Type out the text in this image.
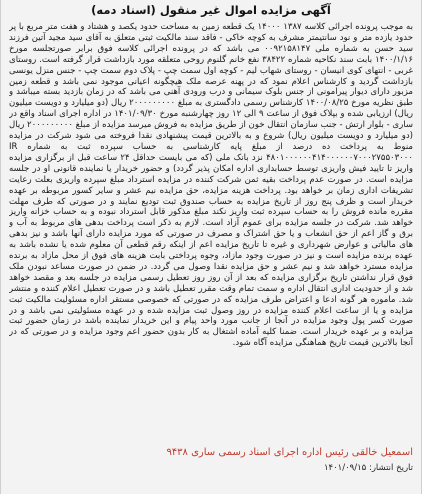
آگهی مزایده اموال غیر منقول (اسناد دمه)
به موجب پرونده اجرائی کلاسه ۱۳۸۷ ۱۴۰۰۰ یک قطعه زمین به مساحت حدود یکصد و هشتاد و هفت متر مربع با پر حدود یازده متر و نود سانتیمتر مشرف به کوچه خاکی - فاقد سند مالکیت ثبتی متعلق به آقای سید مجید آتین فرزند سید حسن به شماره ملی ۰۰۹۲۱۵۸۱۴۷ می باشد که در پرونده اجرائی کلاسه فوق برابر صورتجلسه مورخ ۱۴۰۰/۱/۱۶ بابت سند نکاحیه شماره ۳۸۴۲۲ نفع خانم گلنوم روحی متعلقه مورد بازداشت قرار گرفته است. روستای غربی - انتهای کوی انیسان - روستای شهاب لیم - کوچه اول سمت چپ - پلاک دوم سمت چپ - جنس منزل یونسی بازداشت گردید و کارشناس اعلام نمود که در پهنه عرصه ملک هیچگونه اعیانی موجود نمی باشد و قطعه زمین مزبور دارای دیوار پیرامونی از جنس بلوک سیمانی و درب ورودی آهنی می باشد که در زمان بازدید بسته میباشد و طبق نظریه مورخ ۱۴۰۰/۰۸/۲۵ کارشناس رسمی دادگستری به مبلغ ۲۰۰۰۰۰۰۰۰۰ ریال (دو میلیارد و دویست میلیون ریال) ارزیابی شده و بپلاک فوق از ساعت ۹ الی ۱۲ روز چهارشنبه مورخ ۱۴۰۱/۰۹/۳۰ در اداره اجرای اسناد واقع در ساری - بلوار ارتش - جنب سازمان انتقال خون از طریق مزایده به فروش میرسد مزایده از مبلغ ۲۰۰۰۰۰۰۰۰۰ ریال (دو میلیارد و دویست میلیون ریال) شروع و به بالاترین قیمت پیشنهادی نقدا فروخته می شود شرکت در مزایده منوط به پرداخت ده درصد از مبلغ پایه کارشناسی به حساب سپرده ثبت به شماره IR ۴۸۰۱۰۰۰۰۰۰۴۱۴۰۰۰۰۰۰۷۰۰۰۲۷۵۵۰۳۰۰۰ نزد بانک ملی (که می بایست حداقل ۲۴ ساعت قبل از برگزاری مزایده واریز تا تایید فیش واریزی توسط حسابداری اداره امکان پذیر گردد) و حضور خریدار یا نماینده قانونی او در جلسه مزایده است. در صورت عدم پرداخت بقیه ثمن شرکت کننده در مزایده استرداد مبلغ سپرده واریزی بعلت رعایت تشریفات اداری زمان بر خواهد بود. پرداخت هزینه مزایده، حق مزایده نیم عشر و سایر کسور مربوطه بر عهده خریدار است و ظرف پنج روز از تاریخ مزایده به حساب صندوق ثبت تودیع نمایند و در صورتی که طرف مهلت مقرره مانده فروش را به حساب سپرده ثبت واریز نکند مبلغ مذکور قابل استرداد نبوده و به حساب خزانه واریز خواهد شد. شرکت در جلسه مزایده برای عموم آزاد است. لازم به ذکر است پرداخت بدهی های مربوط به آب و برق و گاز اعم از حق انشعاب و یا حق اشتراک و مصرف در صورتی که مورد مزایده دارای آنها باشد و نیز بدهی های مالیاتی و عوارض شهرداری و غیره تا تاریخ مزایده اعم از اینکه رقم قطعی آن معلوم شده یا نشده باشد به عهده برنده مزایده است و نیز در صورت وجود مازاد، وجوه پرداختی بابت هزینه های فوق از محل مازاد به برنده مزایده مسترد خواهد شد و نیم عشر و حق مزایده نقدا وصول می گردد. در ضمن در صورت مساعد نبودن ملک فوق قرار نداشتن تاریخ برگزاری مزایده که بعد از آن روز روز تعطیل رسمی مزایده در جلسه بعد و مقصد خواهد شد و از حدودیت اداری انتقال اداره و سمت تمام وقت مقرر تعطیل باشد و در صورت تعطیل اعلام کننده و منتشر شد. ماموره هر گونه ادعا و اعتراض طرف مزایده که در صورتی که خصوصی مستقر اداره مسئولیت مالکیت ثبت مزایده و یا از ساعت اعلام کننده مزایده در روز وصول ثبت مزایده شده و در عهده مسئولیتی نمی باشد و در صورت کسر پول وجود مزایده در آنجا از جانب مورد واحد پیام و این خریدار نماینده باشد در زمان حضور ثبت مزایده و بر عهده خریدار است. ضمنا کلیه آماده اشتغال به کار بدون حضور اعم وجود مزایده و در صورتی که در آنجا بالاترین قیمت تاریخ هماهنگی مزایده آگاه شود.
اسمعیل خالقی رئیس اداره اجرای اسناد رسمی ساری ۹۴۳۸
تاریخ انتشار: ۱۴۰۱/۰۹/۱۵
